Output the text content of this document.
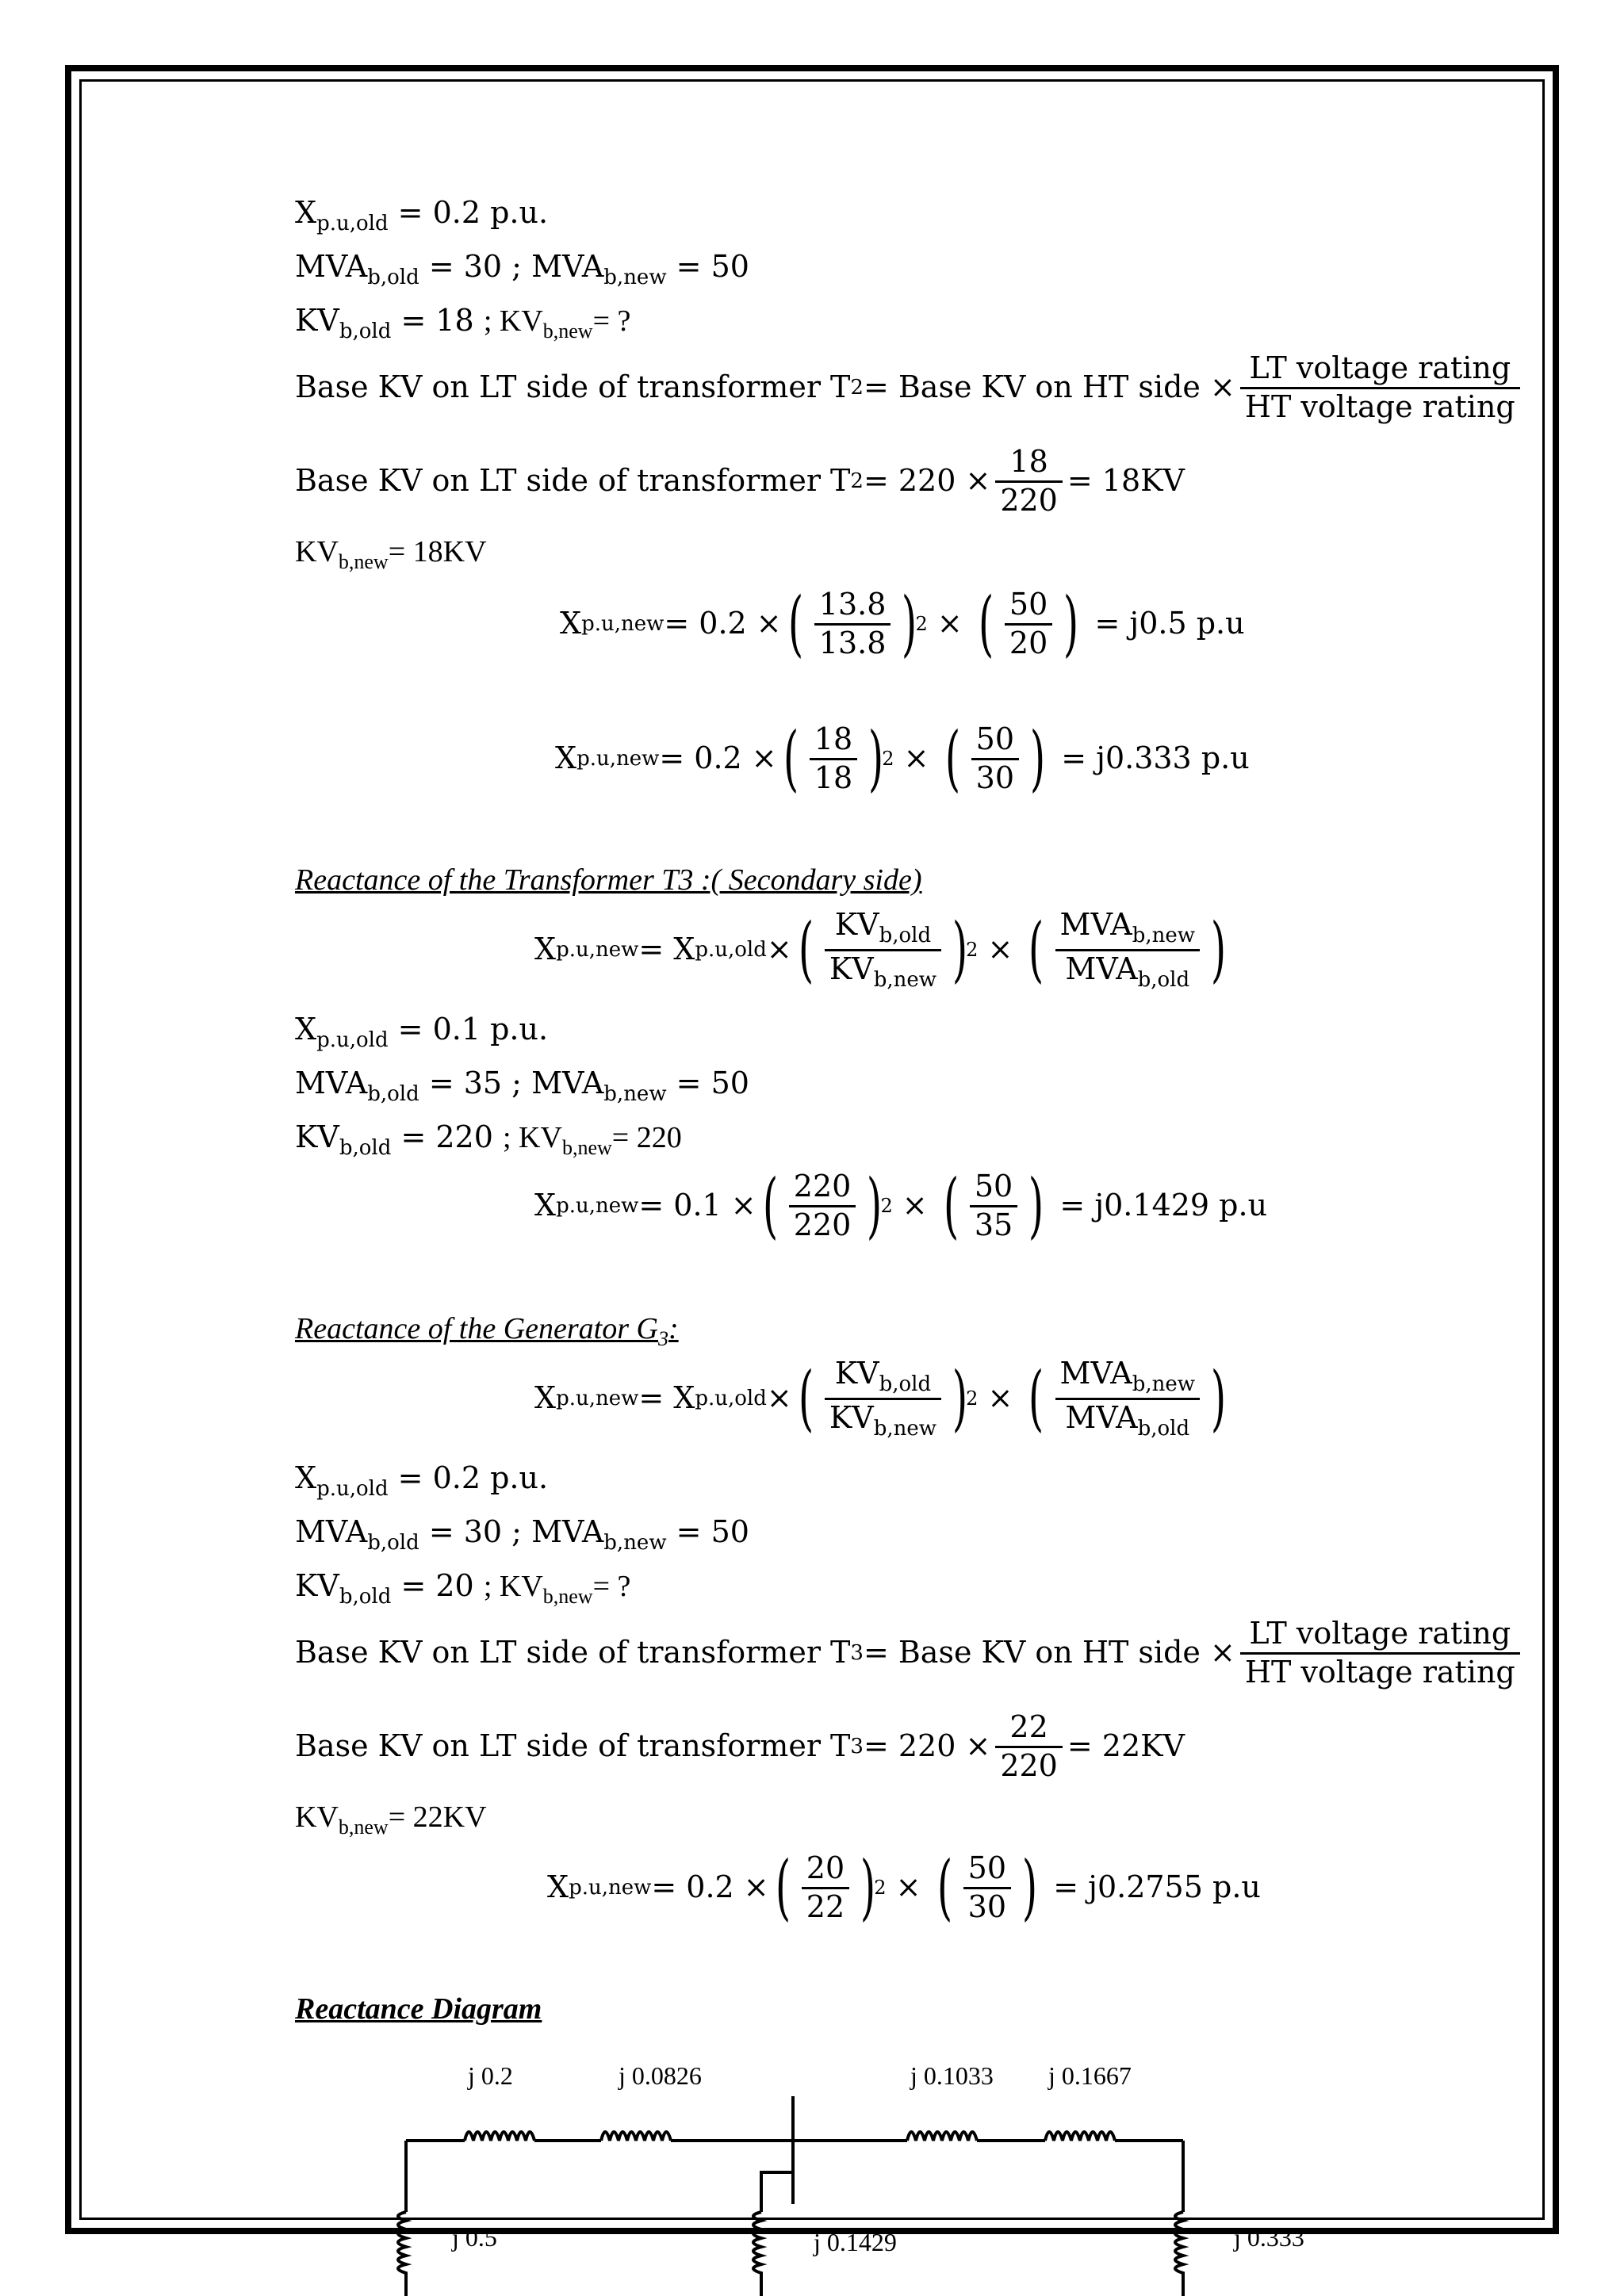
$X_{p.u,old} = 0.2$ p.u.
$MVA_{b,old} = 30$ ; $MVA_{b,new} = 50$
$KV_{b,old} = 18$ ; $KV_{b,new}=$ ?
Base KV on LT side of transformer T 2 = Base KV on HT side × $\frac{\text{LT voltage rating}}{\text{HT voltage rating}}$
Base KV on LT side of transformer T $2 = 220 \times \frac{18}{220} = 18KV$
$KV_{b,new}= 18KV$
X p.u,new = 0.2 × ( $\frac{13.8}{13.8}$ )
2 × ( $\frac{50}{20}$ )
= j0.5 p.u
X p.u,new = 0.2 × ( $\frac{18}{18}$ )
2 × ( $\frac{50}{30}$ )
= j0.333 p.u
Reactance of the Transformer T3 :( Secondary side)
X p.u,new = X p.u,old × ( $\frac{KV_{b,old}}{KV_{b,new}}$ )
2 × ( $\frac{MVA_{b,new}}{MVA_{b,old}}$ )
$X_{p.u,old} = 0.1$ p.u.
$MVA_{b,old} = 35$ ; $MVA_{b,new} = 50$
$KV_{b,old} = 220$ ; $KV_{b,new}= 220$
X p.u,new = 0.1 × ( $\frac{220}{220}$ )
2 × ( $\frac{50}{35}$ )
= j0.1429 p.u
Reactance of the Generator $G_3$:
X p.u,new = X p.u,old × ( $\frac{KV_{b,old}}{KV_{b,new}}$ )
2 × ( $\frac{MVA_{b,new}}{MVA_{b,old}}$ )
$X_{p.u,old} = 0.2$ p.u.
$MVA_{b,old} = 30$ ; $MVA_{b,new} = 50$
$KV_{b,old} = 20$ ; $KV_{b,new}=$ ?
Base KV on LT side of transformer T 3 = Base KV on HT side × $\frac{\text{LT voltage rating}}{\text{HT voltage rating}}$
Base KV on LT side of transformer T $3 = 220 \times \frac{22}{220} = 22KV$
$KV_{b,new}= 22KV$
X p.u,new = 0.2 × ( $\frac{20}{22}$ )
2 × ( $\frac{50}{30}$ )
= j0.2755 p.u
Reactance Diagram
j 0.2	j 0.0826	j 0.1033 j 0.1667
j 0.5	j 0.1429	j 0.333
